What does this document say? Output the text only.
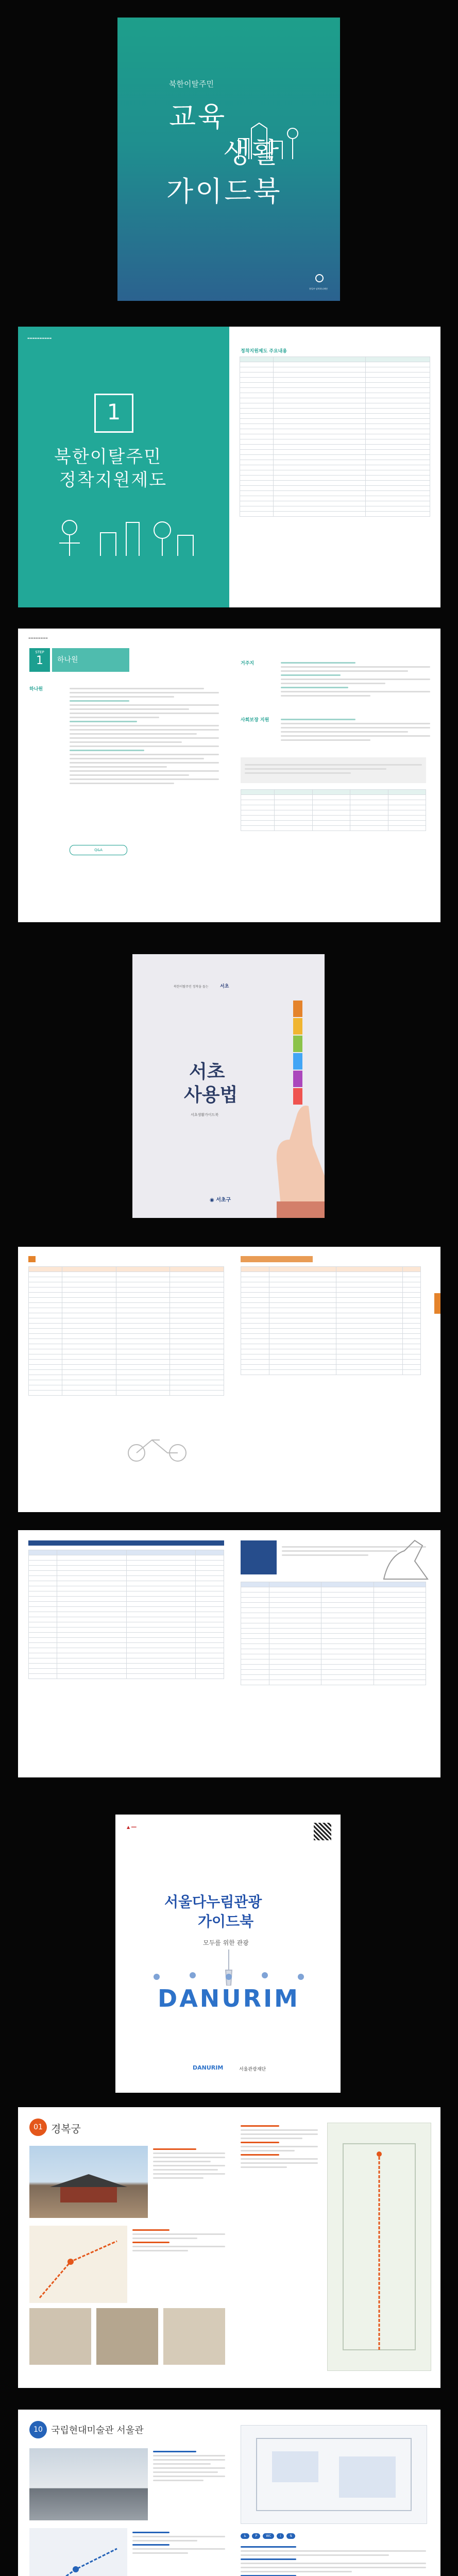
북한이탈주민
교육
생활
가이드북
통일부 남북하나재단
▬▬▬▬▬▬▬▬▬▬
1
북한이탈주민
정착지원제도
정착지원제도 주요내용

▬▬▬▬▬▬▬▬
STEP
1	하나원
하나원
Q&A
거주지
사회보장 지원

북한이탈주민 정착을 돕는 서초
서초
사용법
서초생활가이드북
◉ 서초구

▲ ━━
서울다누림관광
가이드북
모두를 위한 관광
DANURIM
DANURIM	서울관광재단
01 경복궁
10 국립현대미술관 서울관
♿	P	WC	i	⇅
